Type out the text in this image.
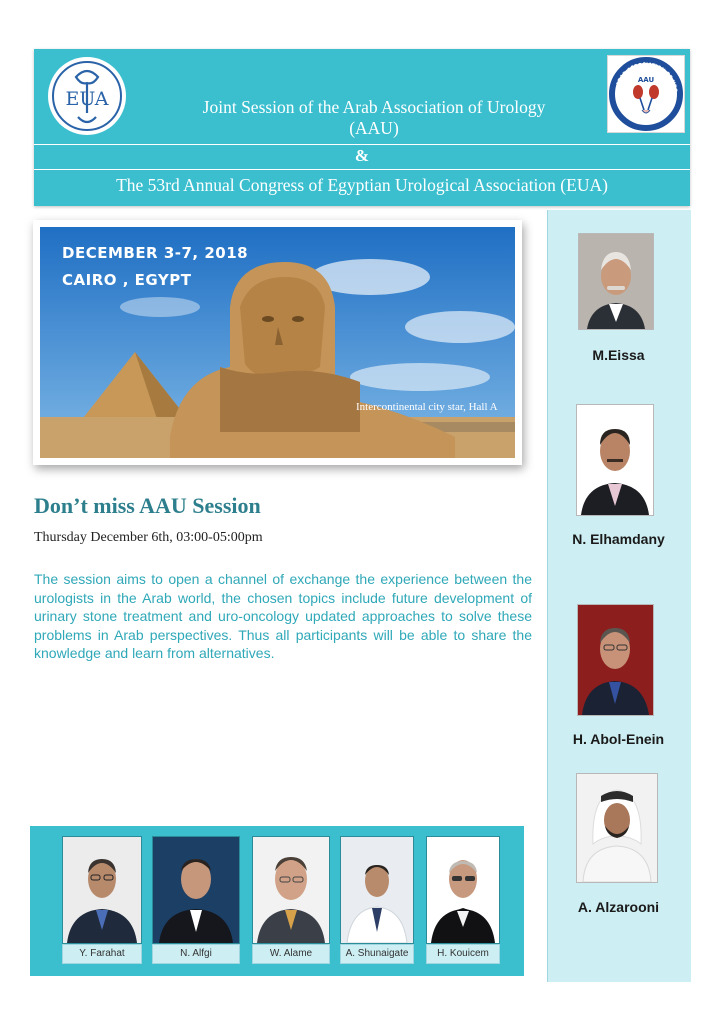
EUA	Joint Session of the Arab Association of Urology
(AAU)
&
The 53rd Annual Congress of Egyptian Urological Association (EUA)
ARAB ASSOCIATION OF URO
AAU
M.Eissa
N. Elhamdany
H. Abol-Enein
A. Alzarooni
DECEMBER 3-7, 2018
CAIRO , EGYPT
Intercontinental city star, Hall A
Don’t miss AAU Session
Thursday December 6th, 03:00-05:00pm
The session aims to open a channel of exchange the experience between the urologists in the Arab world, the chosen topics include future development of urinary stone treatment and uro-oncology updated approaches to solve these problems in Arab perspectives. Thus all participants will be able to share the knowledge and learn from alternatives.
Y. Farahat	N. Alfgi	W. Alame	A. Shunaigate	H. Kouicem
